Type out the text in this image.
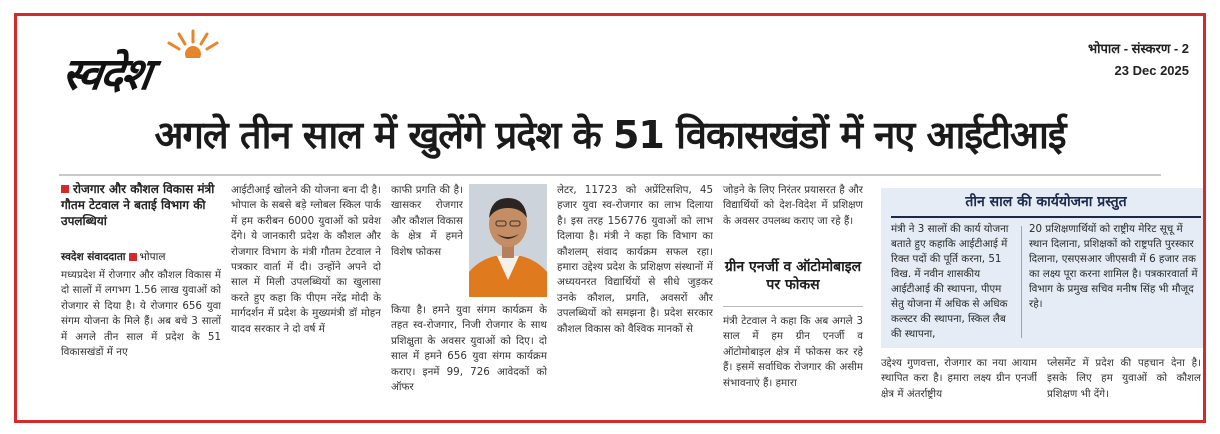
स्वदेश
भोपाल - संस्करण - 2
23 Dec 2025
अगले तीन साल में खुलेंगे प्रदेश के 51 विकासखंडों में नए आईटीआई
रोजगार और कौशल विकास मंत्री गौतम टेटवाल ने बताई विभाग की उपलब्धियां
स्वदेश संवाददाता भोपाल

मध्यप्रदेश में रोजगार और कौशल विकास में दो सालों में लगभग 1.56 लाख युवाओं को रोजगार से दिया है। ये रोजगार 656 युवा संगम योजना के मिले हैं। अब बचे 3 सालों में अगले तीन साल में प्रदेश के 51 विकासखंडों में नए

आईटीआई खोलने की योजना बना दी है। भोपाल के सबसे बड़े ग्लोबल स्किल पार्क में हम करीबन 6000 युवाओं को प्रवेश देंगे। ये जानकारी प्रदेश के कौशल और रोजगार विभाग के मंत्री गौतम टेटवाल ने पत्रकार वार्ता में दी। उन्होंने अपने दो साल में मिली उपलब्धियों का खुलासा करते हुए कहा कि पीएम नरेंद्र मोदी के मार्गदर्शन में प्रदेश के मुख्यमंत्री डॉ मोहन यादव सरकार ने दो वर्ष में

काफी प्रगति की है। खासकर रोजगार और कौशल विकास के क्षेत्र में हमने विशेष फोकस

किया है। हमने युवा संगम कार्यक्रम के तहत स्व-रोजगार, निजी रोजगार के साथ प्रशिक्षुता के अवसर युवाओं को दिए। दो साल में हमने 656 युवा संगम कार्यक्रम कराए। इनमें 99, 726 आवेदकों को ऑफर

लेटर, 11723 को अप्रेंटिसशिप, 45 हजार युवा स्व-रोजगार का लाभ दिलाया है। इस तरह 156776 युवाओं को लाभ दिलाया है। मंत्री ने कहा कि विभाग का कौशलम् संवाद कार्यक्रम सफल रहा। हमारा उद्देश्य प्रदेश के प्रशिक्षण संस्थानों में अध्ययनरत विद्यार्थियों से सीधे जुड़कर उनके कौशल, प्रगति, अवसरों और उपलब्धियों को समझना है। प्रदेश सरकार कौशल विकास को वैश्विक मानकों से

जोड़ने के लिए निरंतर प्रयासरत है और विद्यार्थियों को देश-विदेश में प्रशिक्षण के अवसर उपलब्ध कराए जा रहे हैं।

ग्रीन एनर्जी व ऑटोमोबाइल पर फोकस

मंत्री टेटवाल ने कहा कि अब अगले 3 साल में हम ग्रीन एनर्जी व ऑटोमोबाइल क्षेत्र में फोकस कर रहे हैं। इसमें सर्वाधिक रोजगार की असीम संभावनाएं हैं। हमारा

तीन साल की कार्ययोजना प्रस्तुत

मंत्री ने 3 सालों की कार्य योजना बताते हुए कहाकि आईटीआई में रिक्त पदों की पूर्ति करना, 51 विख. में नवीन शासकीय आईटीआई की स्थापना, पीएम सेतु योजना में अधिक से अधिक कल्स्टर की स्थापना, स्किल लैब की स्थापना,

20 प्रशिक्षणार्थियों को राष्ट्रीय मेरिट सूचू में स्थान दिलाना, प्रशिक्षकों को राष्ट्रपति पुरस्कार दिलाना, एसएसआर जीएसवी में 6 हजार तक का लक्ष्य पूरा करना शामिल है। पत्रकारवार्ता में विभाग के प्रमुख सचिव मनीष सिंह भी मौजूद रहे।

उद्देश्य गुणवत्ता, रोजगार का नया आयाम स्थापित करा है। हमारा लक्ष्य ग्रीन एनर्जी क्षेत्र में अंतर्राष्ट्रीय

प्लेसमेंट में प्रदेश की पहचान देना है। इसके लिए हम युवाओं को कौशल प्रशिक्षण भी देंगे।
